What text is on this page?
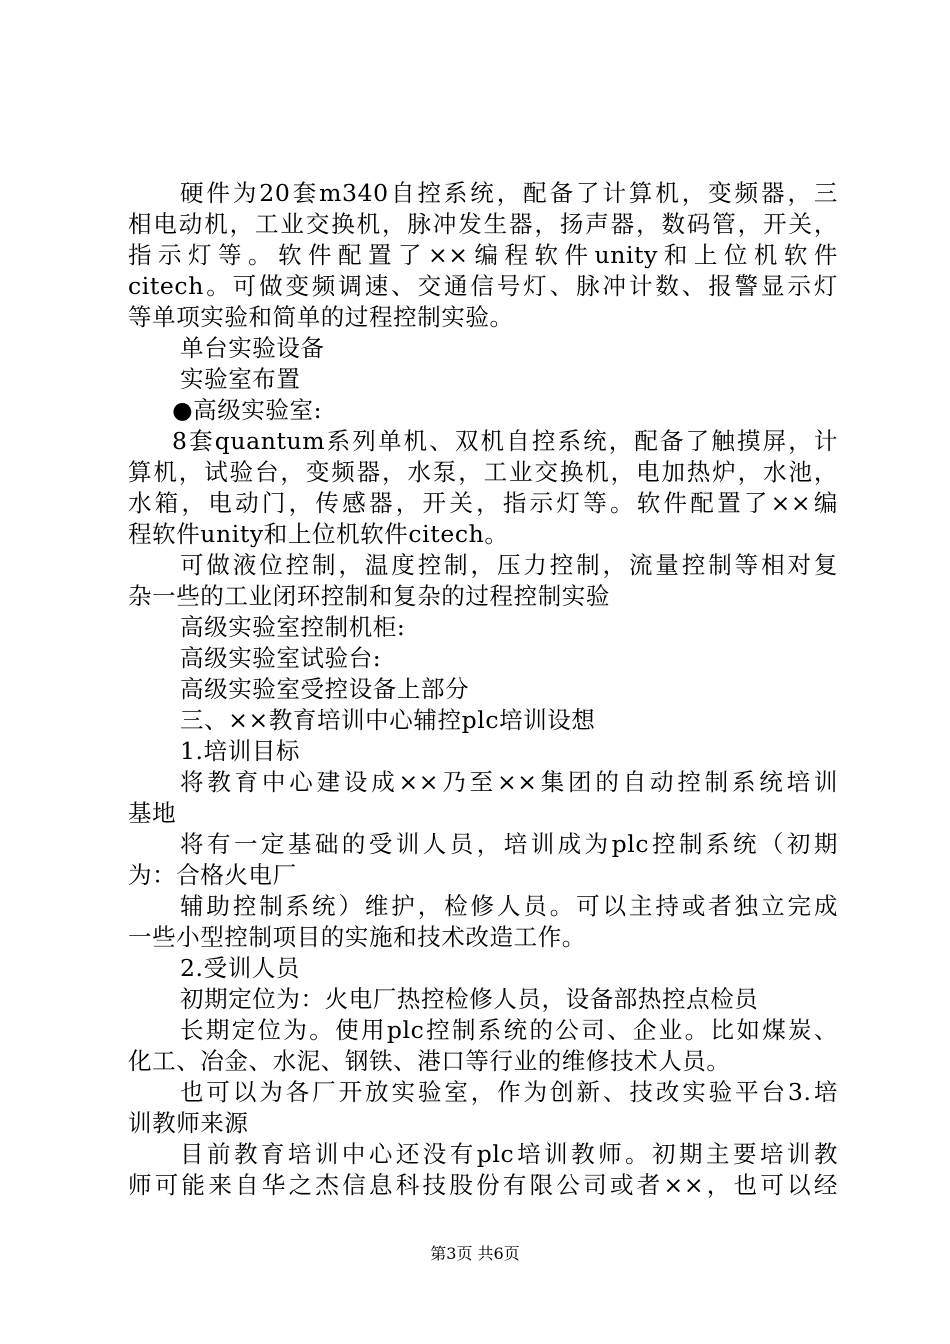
硬件为20套m340自控系统，配备了计算机，变频器，三
相电动机，工业交换机，脉冲发生器，扬声器，数码管，开关，
指示灯等。软件配置了××编程软件unity和上位机软件
citech。可做变频调速、交通信号灯、脉冲计数、报警显示灯
等单项实验和简单的过程控制实验。
单台实验设备
实验室布置
●高级实验室:
8套quantum系列单机、双机自控系统，配备了触摸屏，计
算机，试验台，变频器，水泵，工业交换机，电加热炉，水池，
水箱，电动门，传感器，开关，指示灯等。软件配置了××编
程软件unity和上位机软件citech。
可做液位控制，温度控制，压力控制，流量控制等相对复
杂一些的工业闭环控制和复杂的过程控制实验
高级实验室控制机柜:
高级实验室试验台:
高级实验室受控设备上部分
三、××教育培训中心辅控plc培训设想
1.培训目标
将教育中心建设成××乃至××集团的自动控制系统培训
基地
将有一定基础的受训人员，培训成为plc控制系统（初期
为：合格火电厂
辅助控制系统）维护，检修人员。可以主持或者独立完成
一些小型控制项目的实施和技术改造工作。
2.受训人员
初期定位为：火电厂热控检修人员，设备部热控点检员
长期定位为。使用plc控制系统的公司、企业。比如煤炭、
化工、冶金、水泥、钢铁、港口等行业的维修技术人员。
也可以为各厂开放实验室，作为创新、技改实验平台3.培
训教师来源
目前教育培训中心还没有plc培训教师。初期主要培训教
师可能来自华之杰信息科技股份有限公司或者××，也可以经
第3页 共6页
